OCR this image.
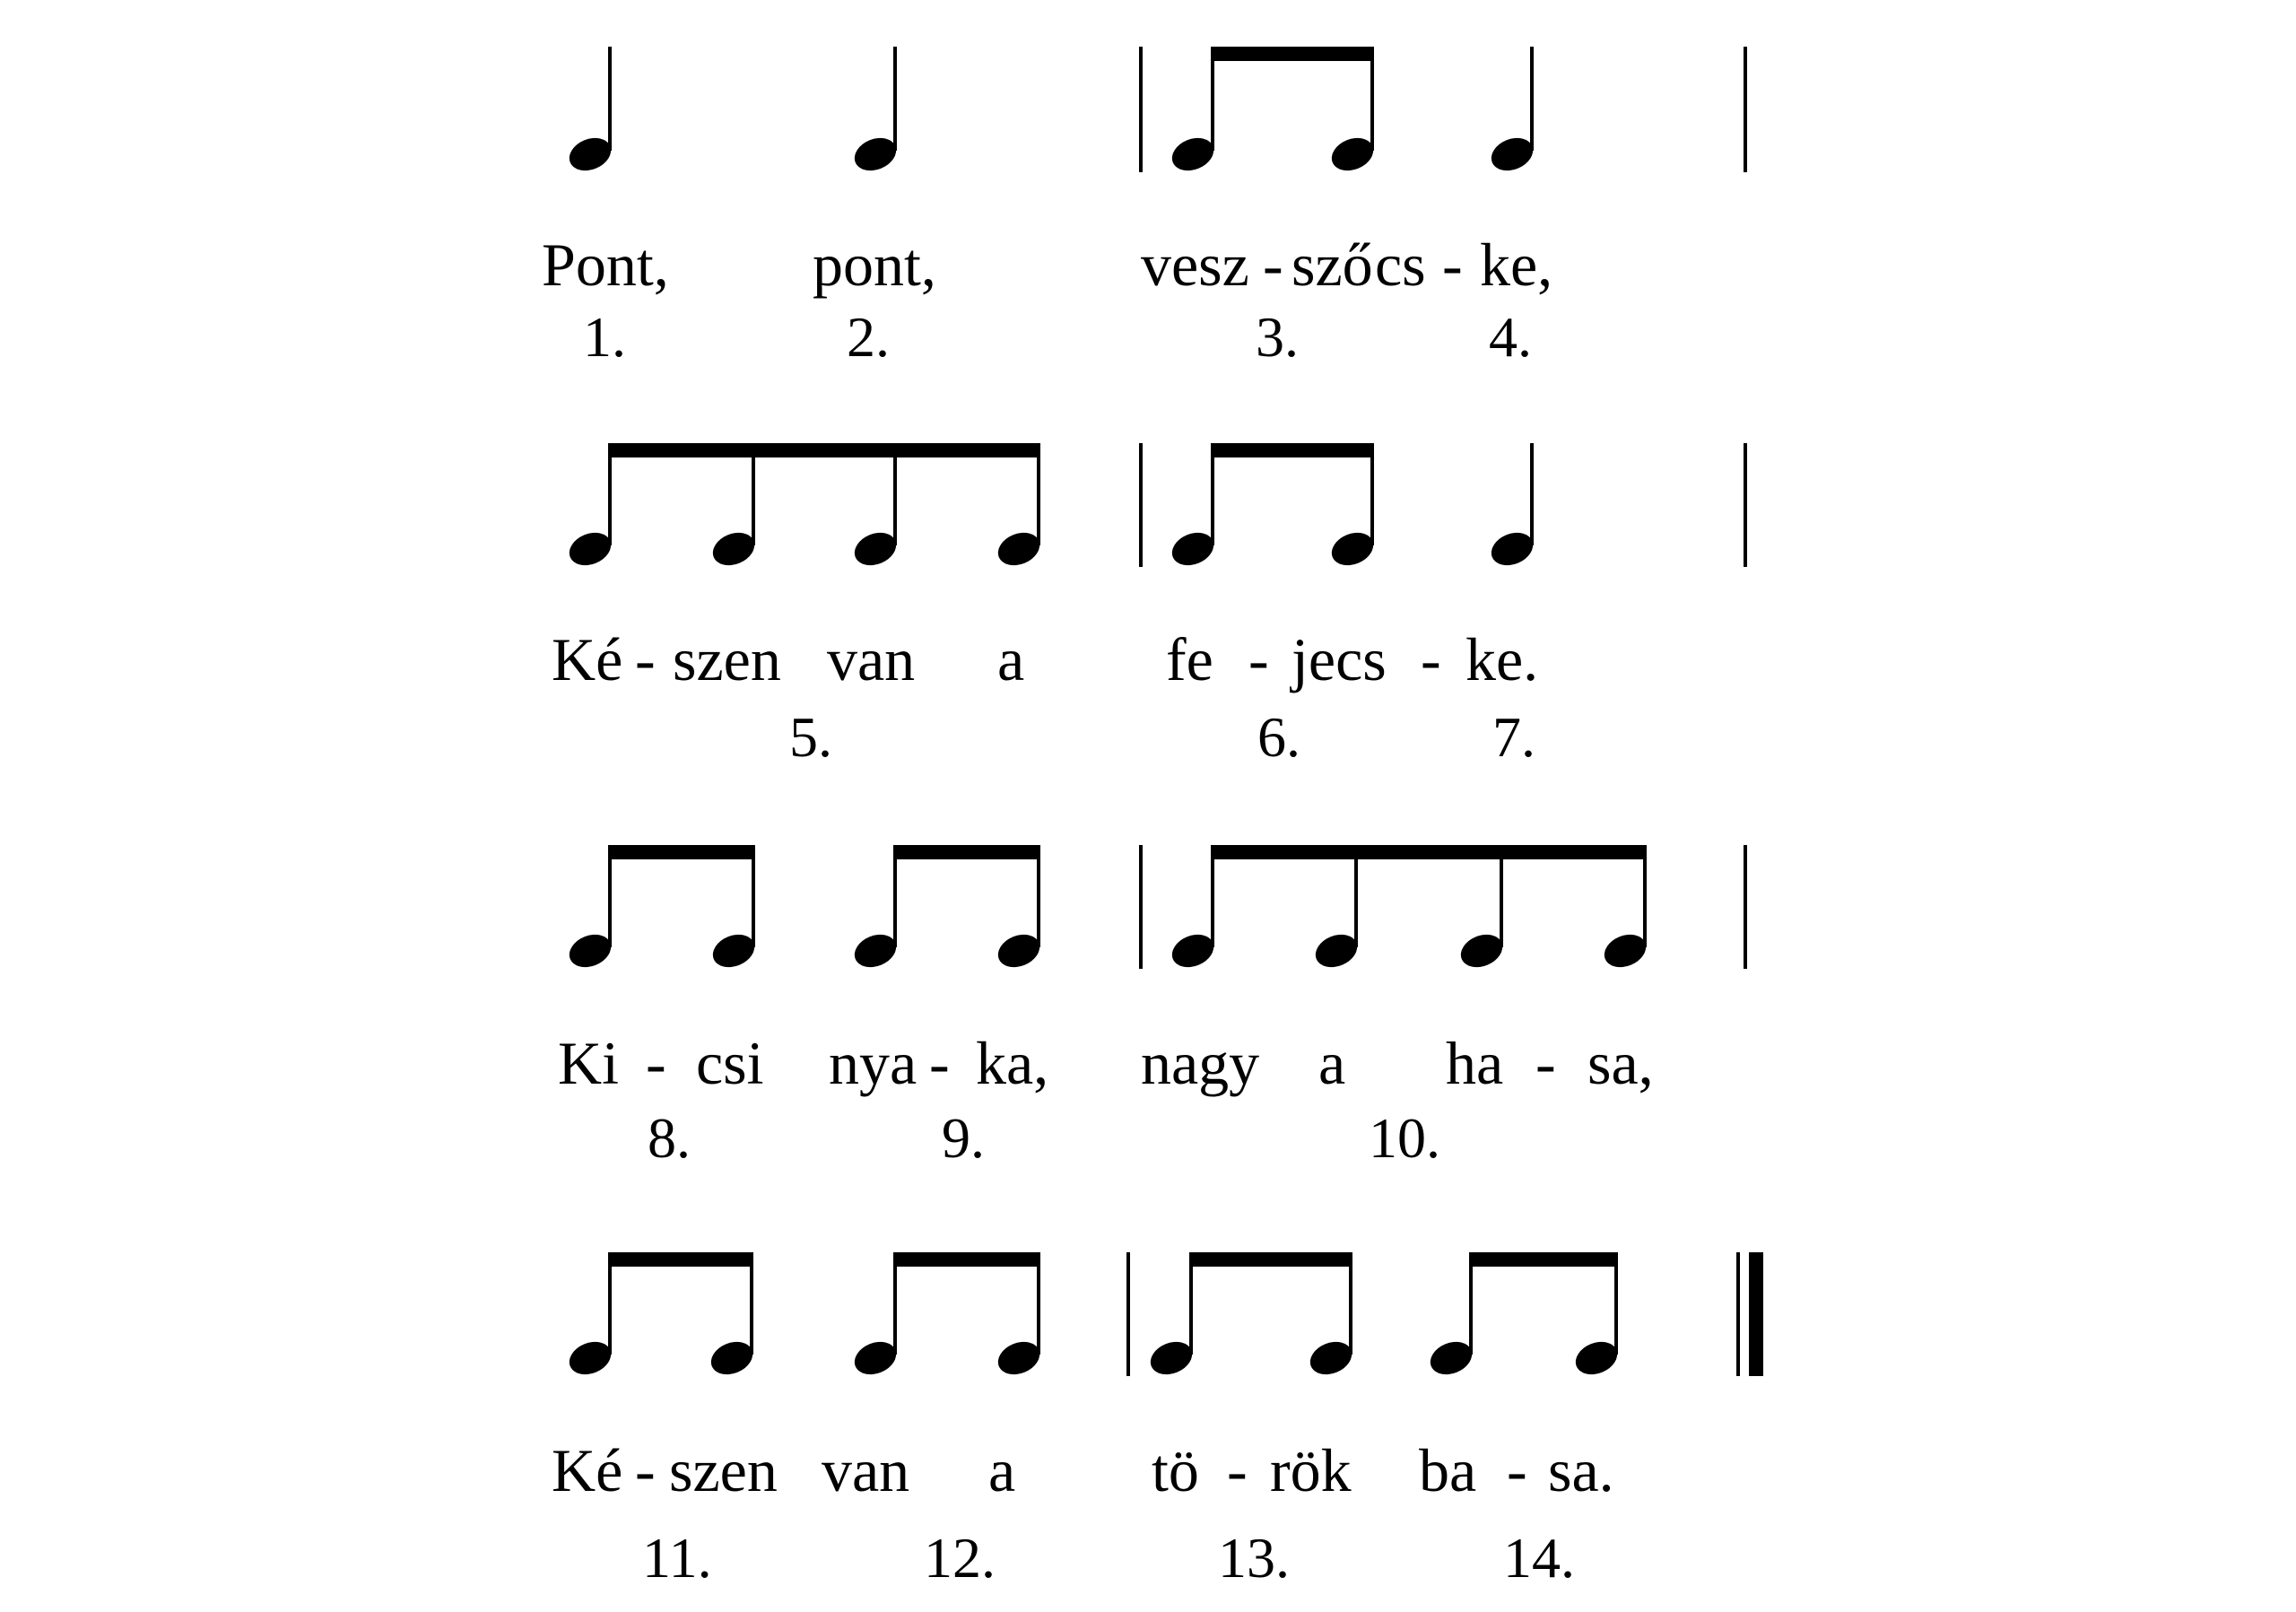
Pont, pont,	vesz - sző cs - ke,
1.	2.	3.	4.
Ké - szen van a fe - jecs - ke.
5.	6.	7.
Ki - csi nya - ka, nagy a ha - sa,
8.	9.	10.
Ké - szen van a tö - rök ba - sa.
11.	12.	13.	14.
